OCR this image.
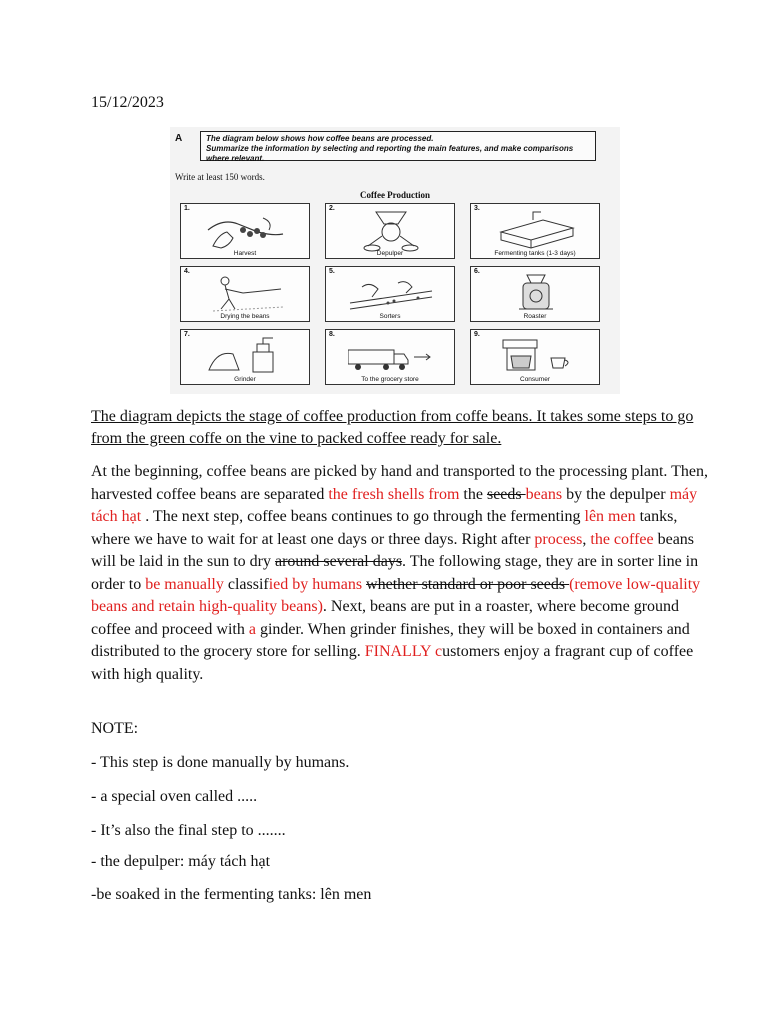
15/12/2023
A	The diagram below shows how coffee beans are processed.

Summarize the information by selecting and reporting the main features, and make comparisons where relevant.

Write at least 150 words.
Coffee Production
1.
Harvest
2.
Depulper
3.
Fermenting tanks (1-3 days)
4.
Drying the beans
5.
Sorters
6.
Roaster
7.
Grinder
8.
To the grocery store
9.
Consumer
The diagram depicts the stage of coffee production from coffe beans. It takes some steps to go from the green coffe on the vine to packed coffee ready for sale.
At the beginning, coffee beans are picked by hand and transported to the processing plant. Then, harvested coffee beans are separated the fresh shells from the seeds beans by the depulper máy tách hạt . The next step, coffee beans continues to go through the fermenting lên men tanks, where we have to wait for at least one days or three days. Right after process, the coffee beans will be laid in the sun to dry around several days. The following stage, they are in sorter line in order to be manually classified by humans whether standard or poor seeds (remove low-quality beans and retain high-quality beans). Next, beans are put in a roaster, where become ground coffee and proceed with a ginder. When grinder finishes, they will be boxed in containers and distributed to the grocery store for selling. FINALLY customers enjoy a fragrant cup of coffee with high quality.
NOTE:
- This step is done manually by humans.
- a special oven called .....
- It’s also the final step to .......
- the depulper: máy tách hạt
-be soaked in the fermenting tanks: lên men
